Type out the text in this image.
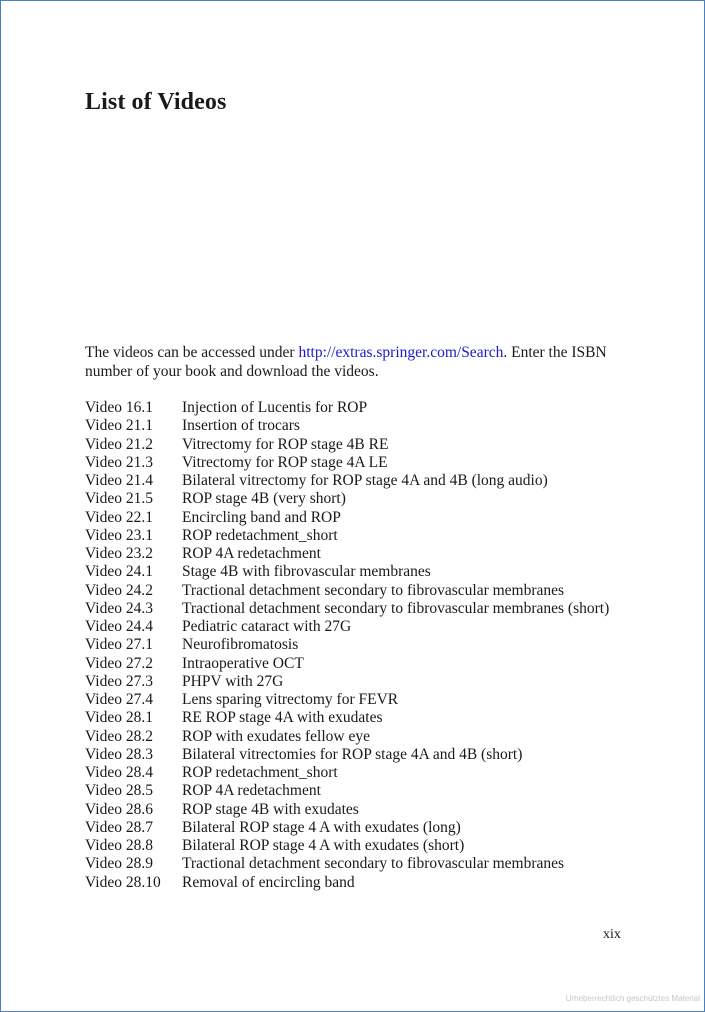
List of Videos

The videos can be accessed under http://extras.springer.com/Search. Enter the ISBN number of your book and download the videos.

Video 16.1	Injection of Lucentis for ROP
Video 21.1	Insertion of trocars
Video 21.2	Vitrectomy for ROP stage 4B RE
Video 21.3	Vitrectomy for ROP stage 4A LE
Video 21.4	Bilateral vitrectomy for ROP stage 4A and 4B (long audio)
Video 21.5	ROP stage 4B (very short)
Video 22.1	Encircling band and ROP
Video 23.1	ROP redetachment_short
Video 23.2	ROP 4A redetachment
Video 24.1	Stage 4B with fibrovascular membranes
Video 24.2	Tractional detachment secondary to fibrovascular membranes
Video 24.3	Tractional detachment secondary to fibrovascular membranes (short)
Video 24.4	Pediatric cataract with 27G
Video 27.1	Neurofibromatosis
Video 27.2	Intraoperative OCT
Video 27.3	PHPV with 27G
Video 27.4	Lens sparing vitrectomy for FEVR
Video 28.1	RE ROP stage 4A with exudates
Video 28.2	ROP with exudates fellow eye
Video 28.3	Bilateral vitrectomies for ROP stage 4A and 4B (short)
Video 28.4	ROP redetachment_short
Video 28.5	ROP 4A redetachment
Video 28.6	ROP stage 4B with exudates
Video 28.7	Bilateral ROP stage 4 A with exudates (long)
Video 28.8	Bilateral ROP stage 4 A with exudates (short)
Video 28.9	Tractional detachment secondary to fibrovascular membranes
Video 28.10	Removal of encircling band
xix
Urheberrechtlich geschütztes Material
